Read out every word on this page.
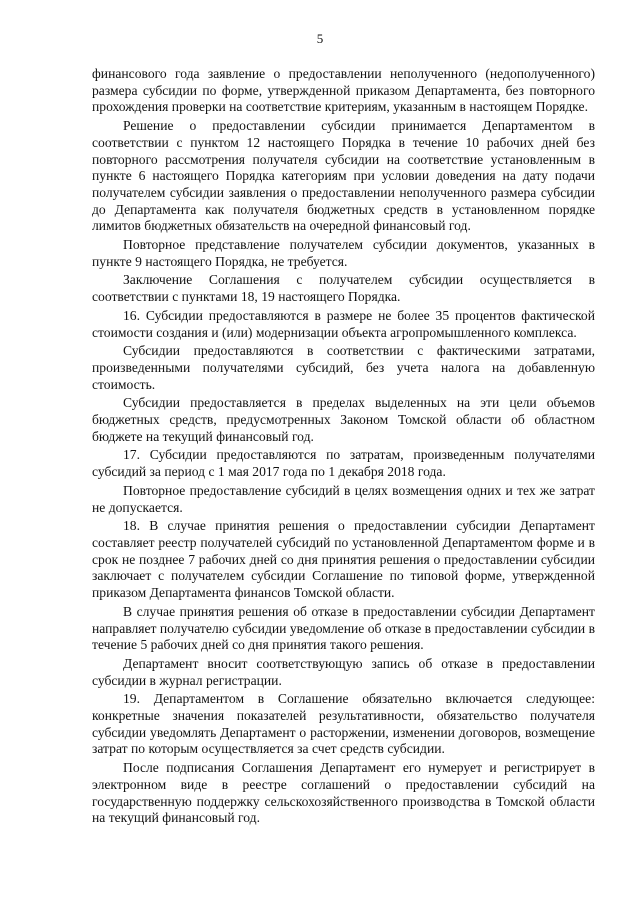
5

финансового года заявление о предоставлении неполученного (недополученного) размера субсидии по форме, утвержденной приказом Департамента, без повторного прохождения проверки на соответствие критериям, указанным в настоящем Порядке.

Решение о предоставлении субсидии принимается Департаментом в соответствии с пунктом 12 настоящего Порядка в течение 10 рабочих дней без повторного рассмотрения получателя субсидии на соответствие установленным в пункте 6 настоящего Порядка категориям при условии доведения на дату подачи получателем субсидии заявления о предоставлении неполученного размера субсидии до Департамента как получателя бюджетных средств в установленном порядке лимитов бюджетных обязательств на очередной финансовый год.

Повторное представление получателем субсидии документов, указанных в пункте 9 настоящего Порядка, не требуется.

Заключение Соглашения с получателем субсидии осуществляется в соответствии с пунктами 18, 19 настоящего Порядка.

16. Субсидии предоставляются в размере не более 35 процентов фактической стоимости создания и (или) модернизации объекта агропромышленного комплекса.

Субсидии предоставляются в соответствии с фактическими затратами, произведенными получателями субсидий, без учета налога на добавленную стоимость.

Субсидии предоставляется в пределах выделенных на эти цели объемов бюджетных средств, предусмотренных Законом Томской области об областном бюджете на текущий финансовый год.

17. Субсидии предоставляются по затратам, произведенным получателями субсидий за период с 1 мая 2017 года по 1 декабря 2018 года.

Повторное предоставление субсидий в целях возмещения одних и тех же затрат не допускается.

18. В случае принятия решения о предоставлении субсидии Департамент составляет реестр получателей субсидий по установленной Департаментом форме и в срок не позднее 7 рабочих дней со дня принятия решения о предоставлении субсидии заключает с получателем субсидии Соглашение по типовой форме, утвержденной приказом Департамента финансов Томской области.

В случае принятия решения об отказе в предоставлении субсидии Департамент направляет получателю субсидии уведомление об отказе в предоставлении субсидии в течение 5 рабочих дней со дня принятия такого решения.

Департамент вносит соответствующую запись об отказе в предоставлении субсидии в журнал регистрации.

19. Департаментом в Соглашение обязательно включается следующее: конкретные значения показателей результативности, обязательство получателя субсидии уведомлять Департамент о расторжении, изменении договоров, возмещение затрат по которым осуществляется за счет средств субсидии.

После подписания Соглашения Департамент его нумерует и регистрирует в электронном виде в реестре соглашений о предоставлении субсидий на государственную поддержку сельскохозяйственного производства в Томской области на текущий финансовый год.
